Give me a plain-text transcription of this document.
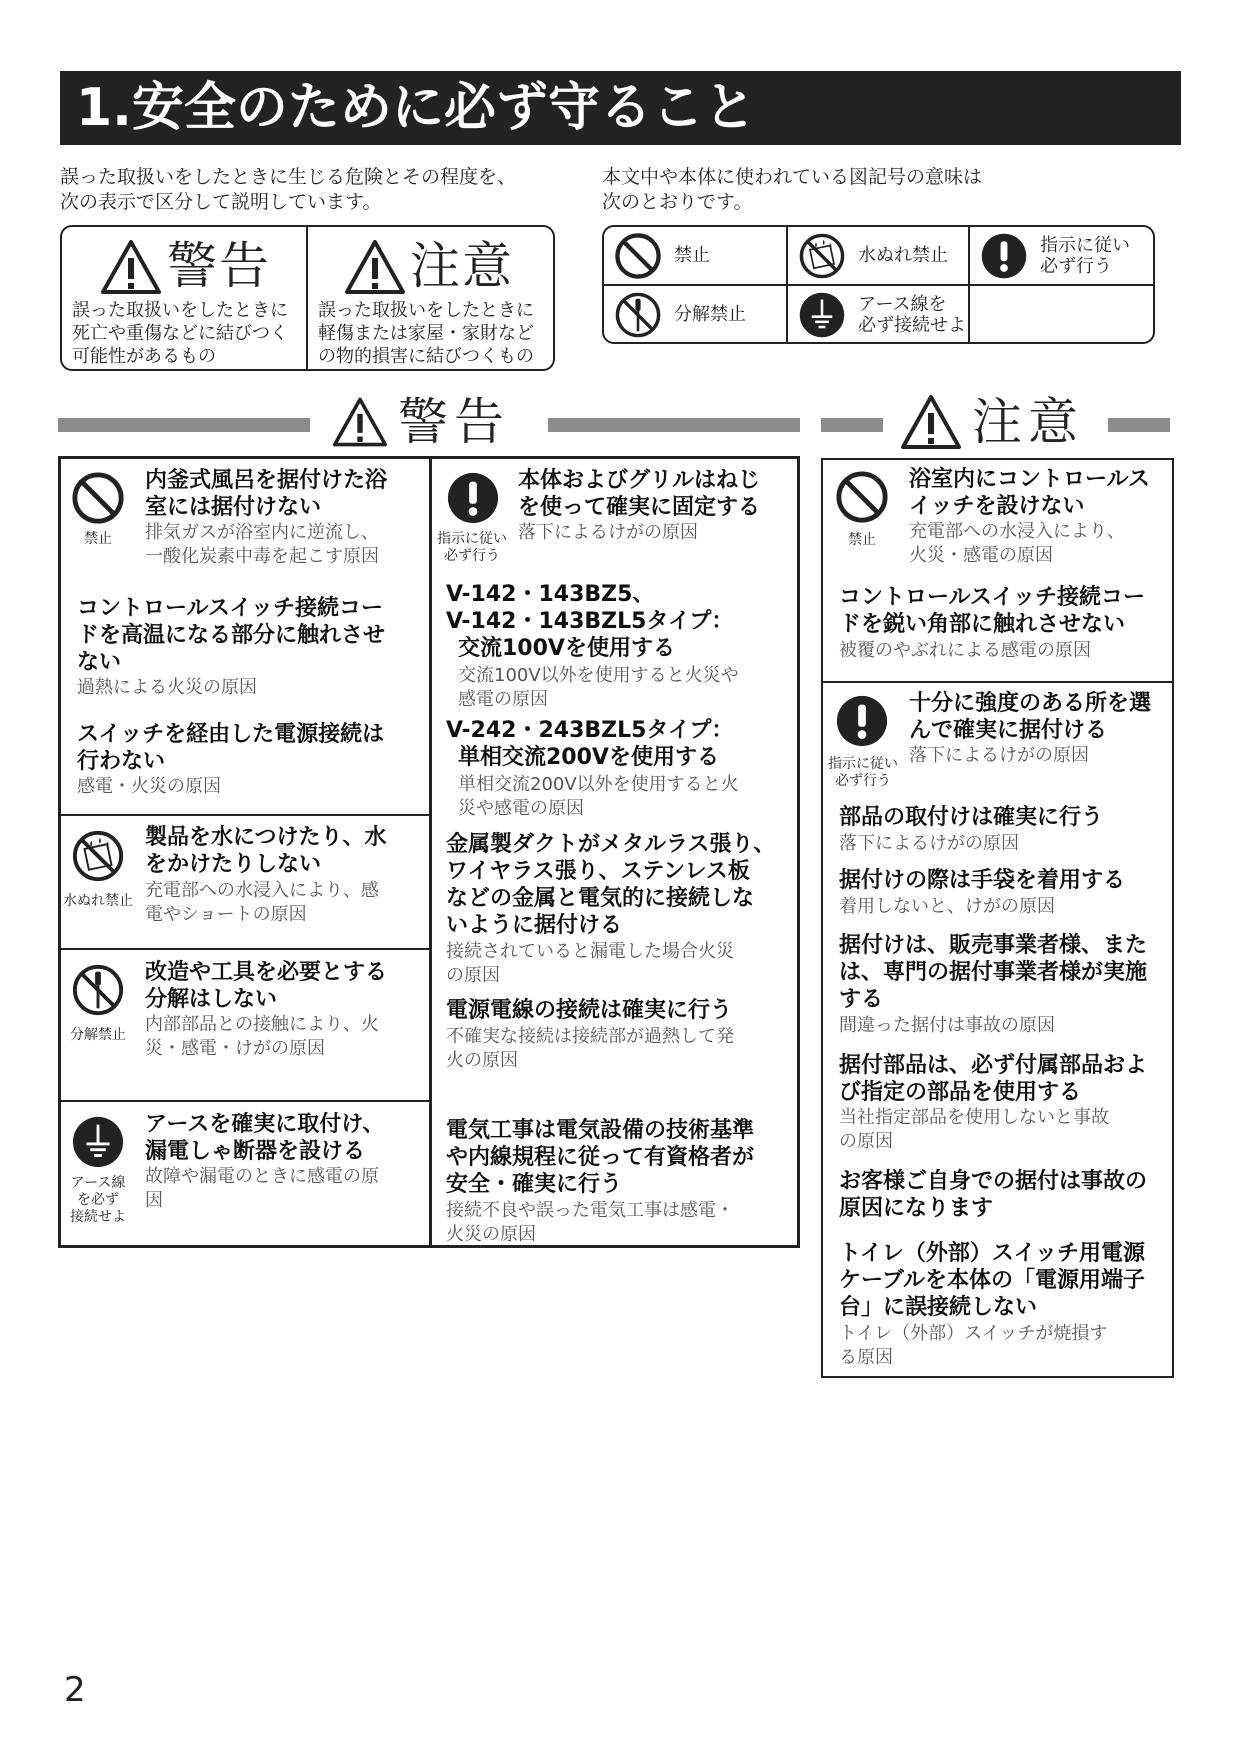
1.安全のために必ず守ること
誤った取扱いをしたときに生じる危険とその程度を、
次の表示で区分して説明しています。
本文中や本体に使われている図記号の意味は
次のとおりです。
警告
誤った取扱いをしたときに
死亡や重傷などに結びつく
可能性があるもの
注意
誤った取扱いをしたときに
軽傷または家屋・家財など
の物的損害に結びつくもの
禁止	水ぬれ禁止	指示に従い
必ず行う
分解禁止	アース線を
必ず接続せよ
警告	注意
禁止
内釜式風呂を据付けた浴
室には据付けない
排気ガスが浴室内に逆流し、
一酸化炭素中毒を起こす原因
コントロールスイッチ接続コー
ドを高温になる部分に触れさせ
ない
過熱による火災の原因
スイッチを経由した電源接続は
行わない
感電・火災の原因
水ぬれ禁止
製品を水につけたり、水
をかけたりしない
充電部への水浸入により、感
電やショートの原因
分解禁止
改造や工具を必要とする
分解はしない
内部部品との接触により、火
災・感電・けがの原因
アース線
を必ず
接続せよ
アースを確実に取付け、
漏電しゃ断器を設ける
故障や漏電のときに感電の原
因
指示に従い
必ず行う
本体およびグリルはねじ
を使って確実に固定する
落下によるけがの原因
V-142・143BZ5、
V-142・143BZL5タイプ：
交流100Vを使用する
交流100V以外を使用すると火災や
感電の原因
V-242・243BZL5タイプ：
単相交流200Vを使用する
単相交流200V以外を使用すると火
災や感電の原因
金属製ダクトがメタルラス張り、
ワイヤラス張り、ステンレス板
などの金属と電気的に接続しな
いように据付ける
接続されていると漏電した場合火災
の原因
電源電線の接続は確実に行う
不確実な接続は接続部が過熱して発
火の原因
電気工事は電気設備の技術基準
や内線規程に従って有資格者が
安全・確実に行う
接続不良や誤った電気工事は感電・
火災の原因
禁止
浴室内にコントロールス
イッチを設けない
充電部への水浸入により、
火災・感電の原因
コントロールスイッチ接続コー
ドを鋭い角部に触れさせない
被覆のやぶれによる感電の原因
指示に従い
必ず行う
十分に強度のある所を選
んで確実に据付ける
落下によるけがの原因
部品の取付けは確実に行う
落下によるけがの原因
据付けの際は手袋を着用する
着用しないと、けがの原因
据付けは、販売事業者様、また
は、専門の据付事業者様が実施
する
間違った据付は事故の原因
据付部品は、必ず付属部品およ
び指定の部品を使用する
当社指定部品を使用しないと事故
の原因
お客様ご自身での据付は事故の
原因になります
トイレ（外部）スイッチ用電源
ケーブルを本体の「電源用端子
台」に誤接続しない
トイレ（外部）スイッチが焼損す
る原因
2
